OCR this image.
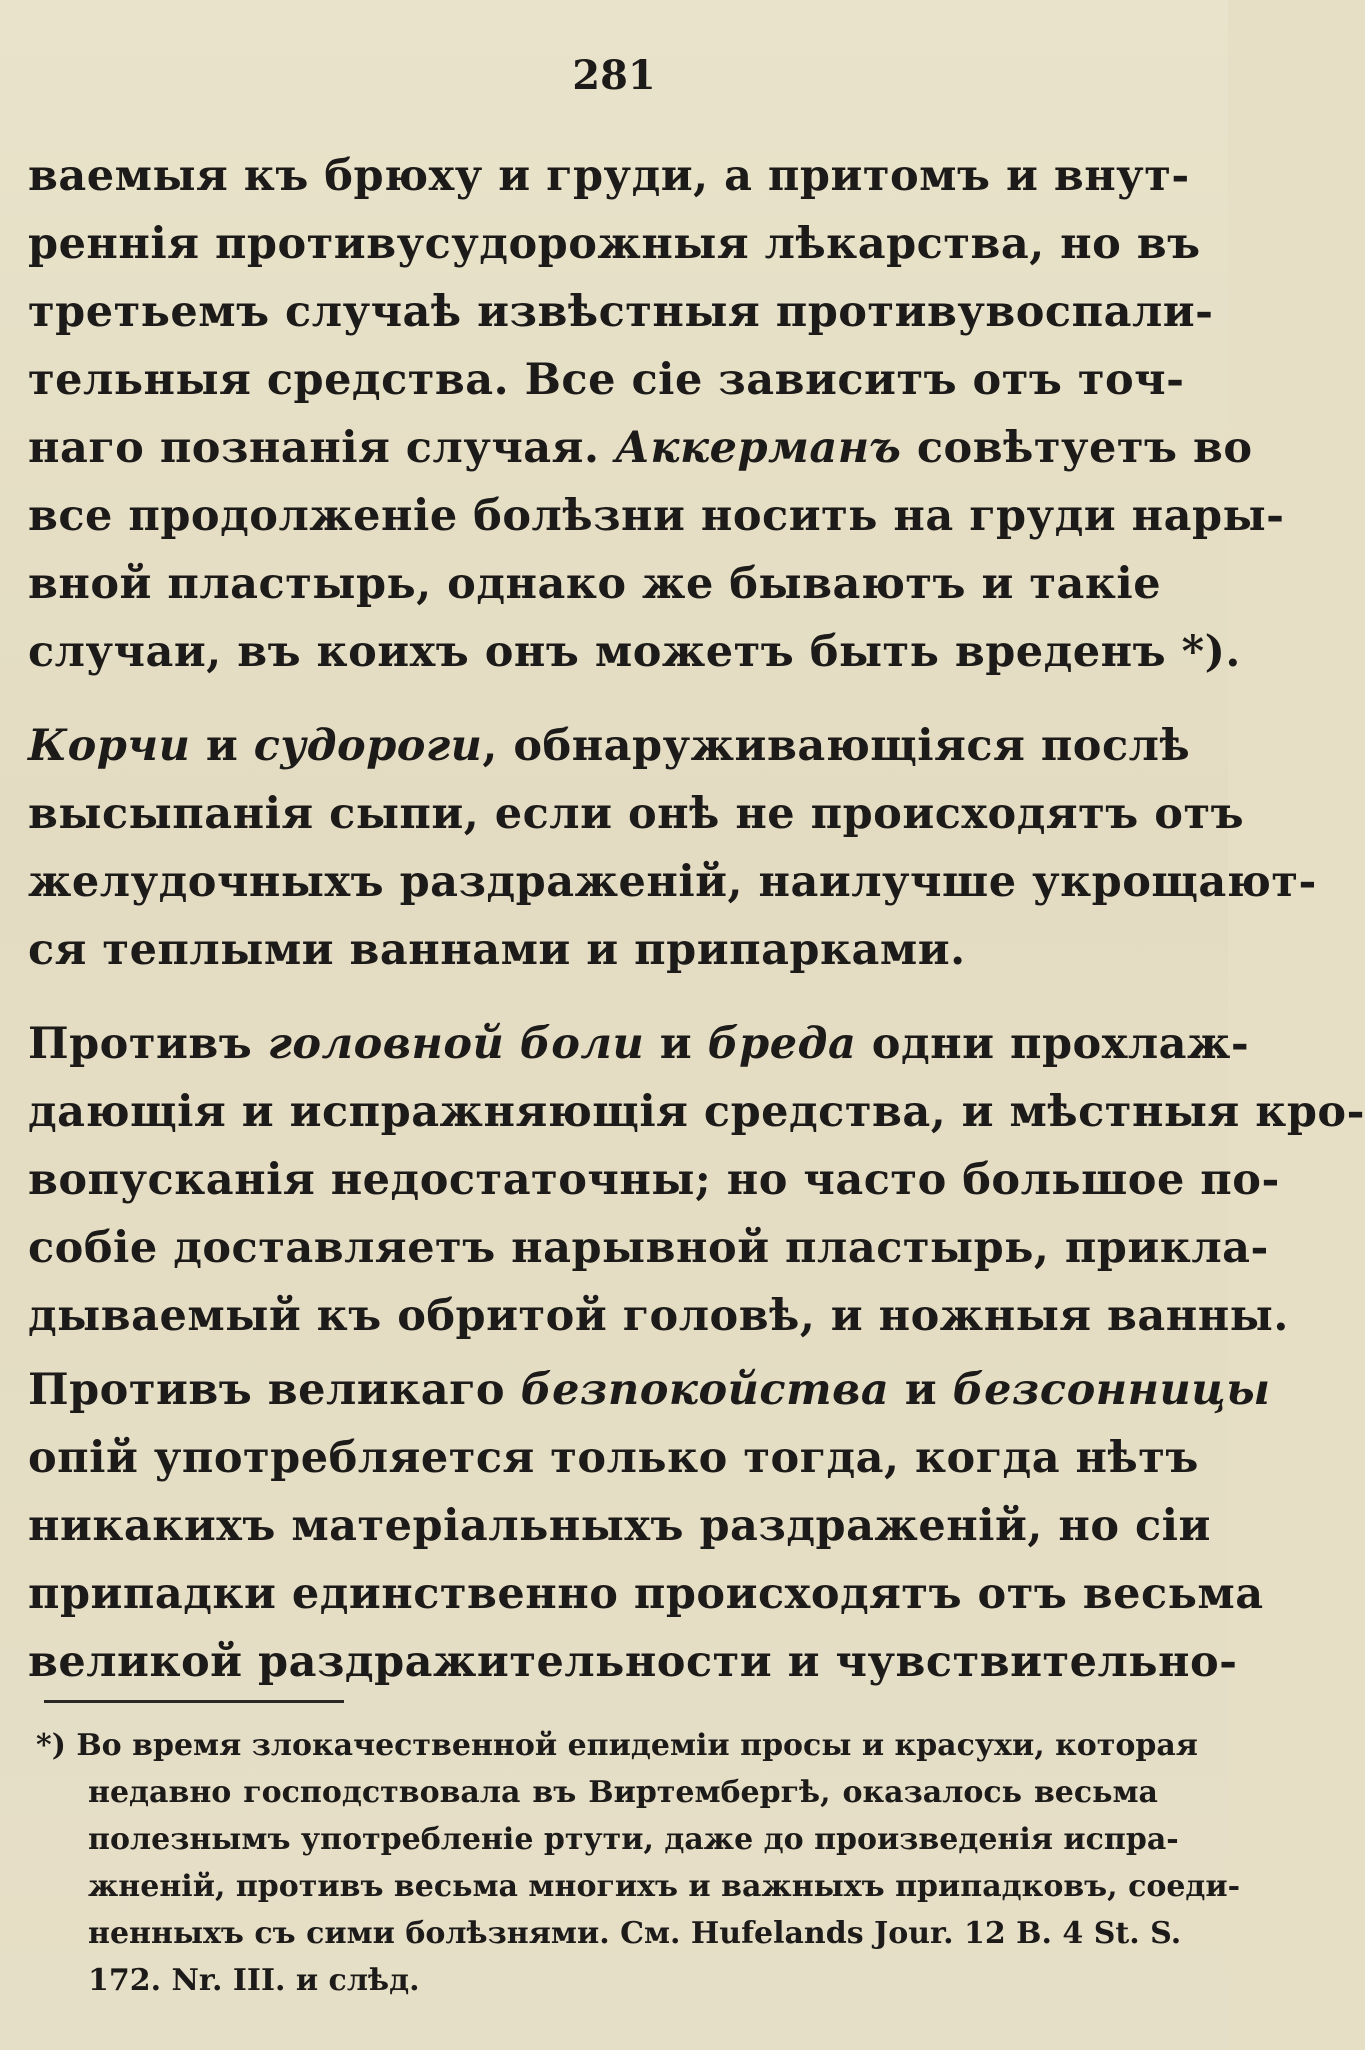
281
ваемыя къ брюху и груди, а притомъ и внут-
реннія противусудорожныя лѣкарства, но въ
третьемъ случаѣ извѣстныя противувоспали-
тельныя средства. Все сіе зависитъ отъ точ-
наго познанія случая. Аккерманъ совѣтуетъ во
все продолженіе болѣзни носить на груди нары-
вной пластырь, однако же бываютъ и такіе
случаи, въ коихъ онъ можетъ быть вреденъ *).
Корчи и судороги, обнаруживающіяся послѣ
высыпанія сыпи, если онѣ не происходятъ отъ
желудочныхъ раздраженій, наилучше укрощают-
ся теплыми ваннами и припарками.
Противъ головной боли и бреда одни прохлаж-
дающія и испражняющія средства, и мѣстныя кро-
вопусканія недостаточны; но часто большое по-
собіе доставляетъ нарывной пластырь, прикла-
дываемый къ обритой головѣ, и ножныя ванны.
Противъ великаго безпокойства и безсонницы
опій употребляется только тогда, когда нѣтъ
никакихъ матеріальныхъ раздраженій, но сіи
припадки единственно происходятъ отъ весьма
великой раздражительности и чувствительно-
*) Во время злокачественной епидеміи просы и красухи, которая
недавно господствовала въ Виртембергѣ, оказалось весьма
полезнымъ употребленіе ртути, даже до произведенія испра-
жненій, противъ весьма многихъ и важныхъ припадковъ, соеди-
ненныхъ съ сими болѣзнями. См. Hufelands Jour. 12 B. 4 St. S.
172. Nr. III. и слѣд.
